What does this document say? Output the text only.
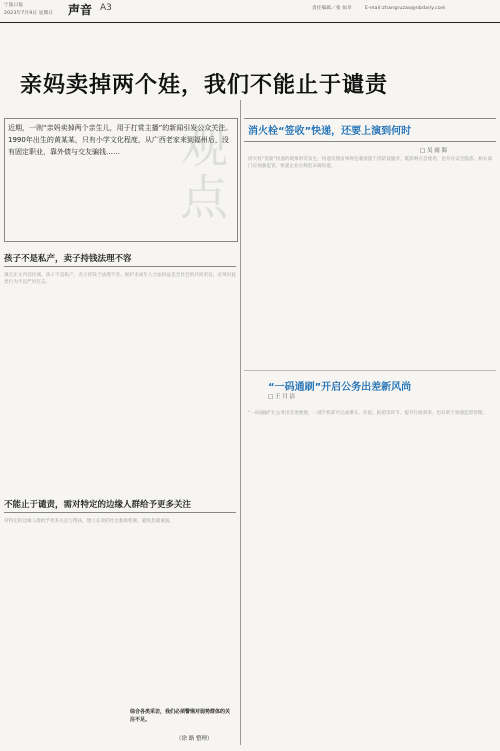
宁波日报
2023年7月9日 星期日 声音 A3	责任编辑／张 如早	E-mail:zhangruzao@nbdaily.com
亲妈卖掉两个娃，我们不能止于谴责
观点
近期，一则“亲妈卖掉两个亲生儿，用于打赏主播”的新闻引发公众关注。1990年出生的黄某某，只有小学文化程度，从广西老家来到福州后，没有固定职业，靠外债与交友骗钱……
孩子不是私产，卖子持钱法理不容
观点正文内容区域，孩子不是私产，卖子持钱于法理不容。保护未成年人合法权益是全社会的共同责任，必须对此类行为予以严厉打击。
不能止于谴责，需对特定的边缘人群给予更多关注
对特定的边缘人群给予更多关注与帮扶，建立长效的社会救助机制，避免悲剧重演。
综合各类采访，我们必须警惕对弱势群体的关注不足。
（徐 路 整理）
消火栓“签收”快递，还要上演到何时
□ 吴 雨 海
消火栓“签收”快递的现象时有发生，快递员图省事将包裹放置于消防设施旁，既影响应急使用，也存在安全隐患。相关部门应加强监管，快递企业应规范末端投递。
“一码通刷”开启公务出差新风尚
□ 王 月 洁
“一码通刷”让公务出差更便捷，一部手机即可完成乘车、住宿、报销等环节，提升行政效率，也有助于加强监督管理。
